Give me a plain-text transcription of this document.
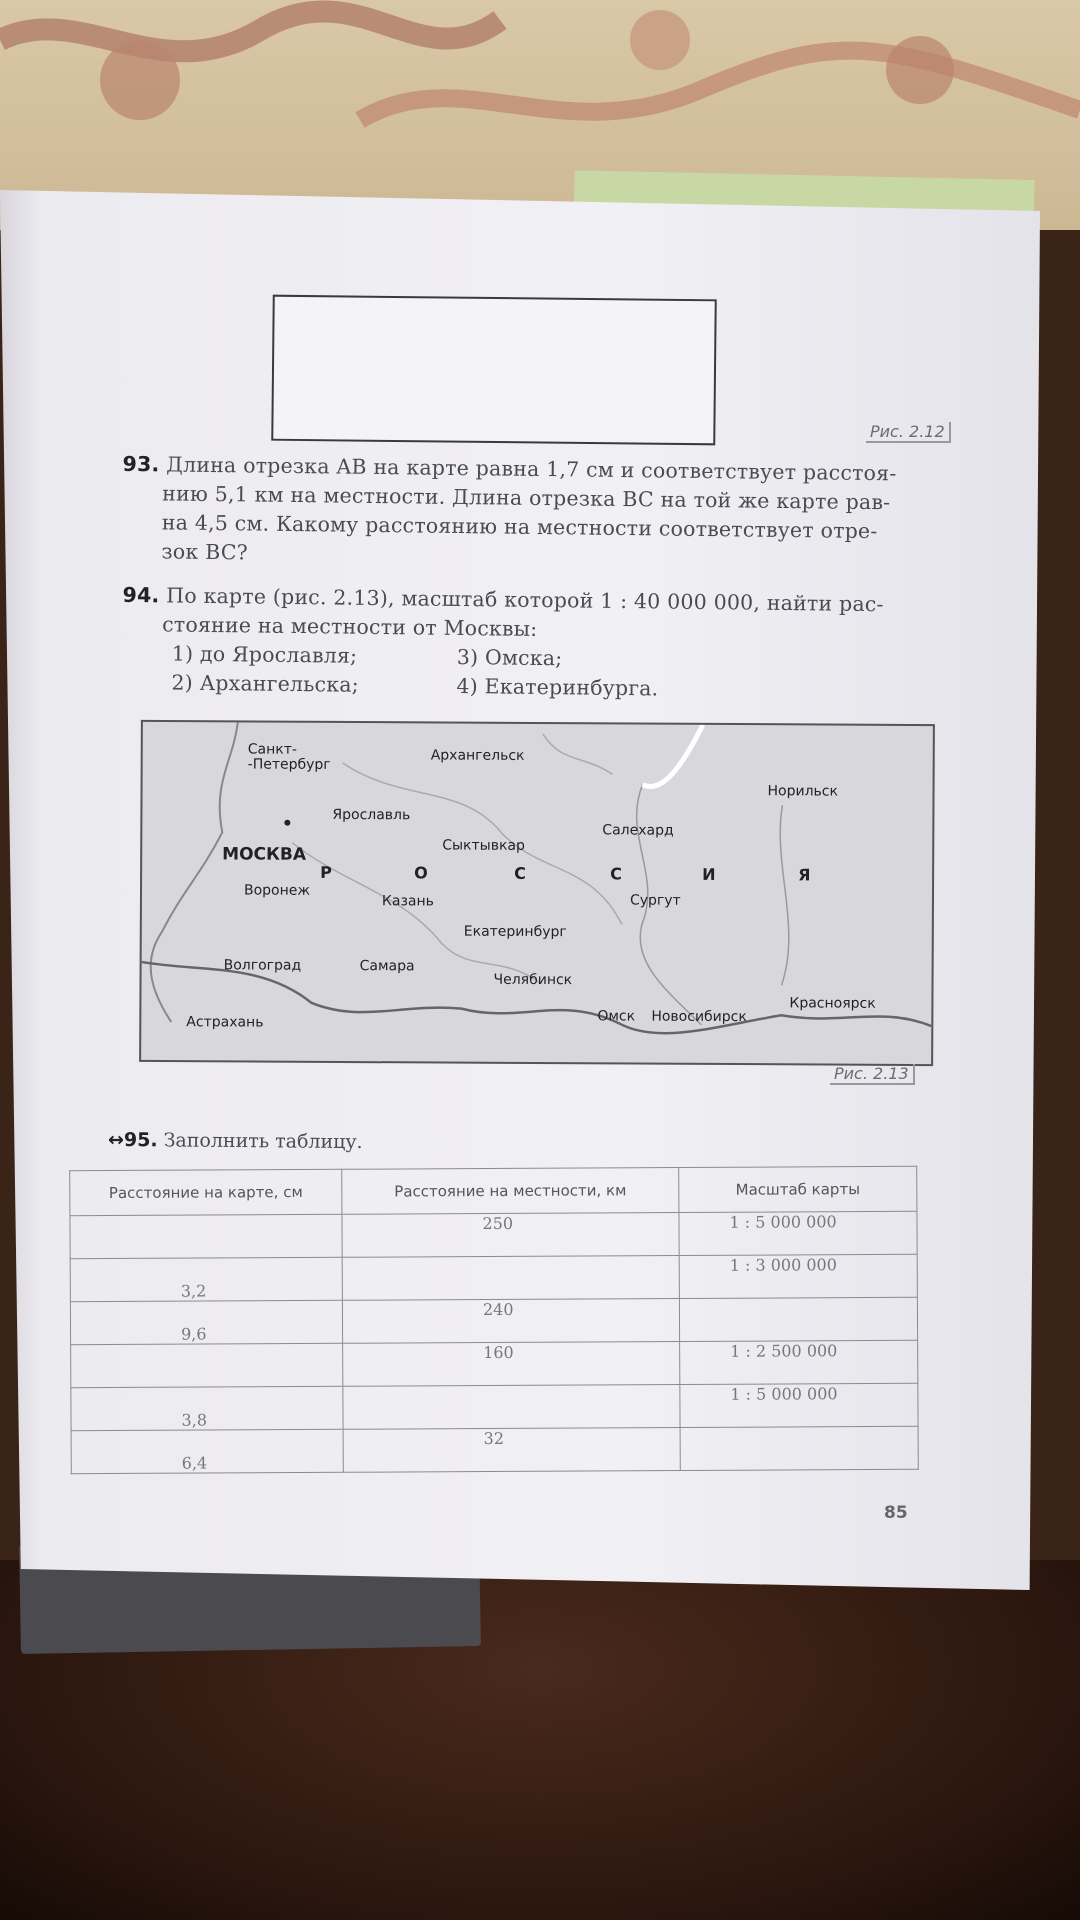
Рис. 2.12
93. Длина отрезка AB на карте равна 1,7 см и соответствует расстоя-
нию 5,1 км на местности. Длина отрезка BC на той же карте рав-
на 4,5 см. Какому расстоянию на местности соответствует отре-
зок BC?
94. По карте (рис. 2.13), масштаб которой 1 : 40 000 000, найти рас-
стояние на местности от Москвы:
1) до Ярославля;	3) Омска;
2) Архангельска;	4) Екатеринбурга.
Санкт-
-Петербург
Архангельск
Норильск
Ярославль
Салехард
МОСКВА	Сыктывкар
Р	О	С	С	И	Я
Воронеж
Казань	Сургут
Екатеринбург
Волгоград	Самара
Челябинск
Астрахань	Омск Новосибирск
Красноярск
Рис. 2.13
↔95. Заполнить таблицу.
Расстояние на карте, см	Расстояние на местности, км	Масштаб карты
	250	1 : 5 000 000
3,2		1 : 3 000 000
9,6	240	
	160	1 : 2 500 000
3,8		1 : 5 000 000
6,4	32	
85
